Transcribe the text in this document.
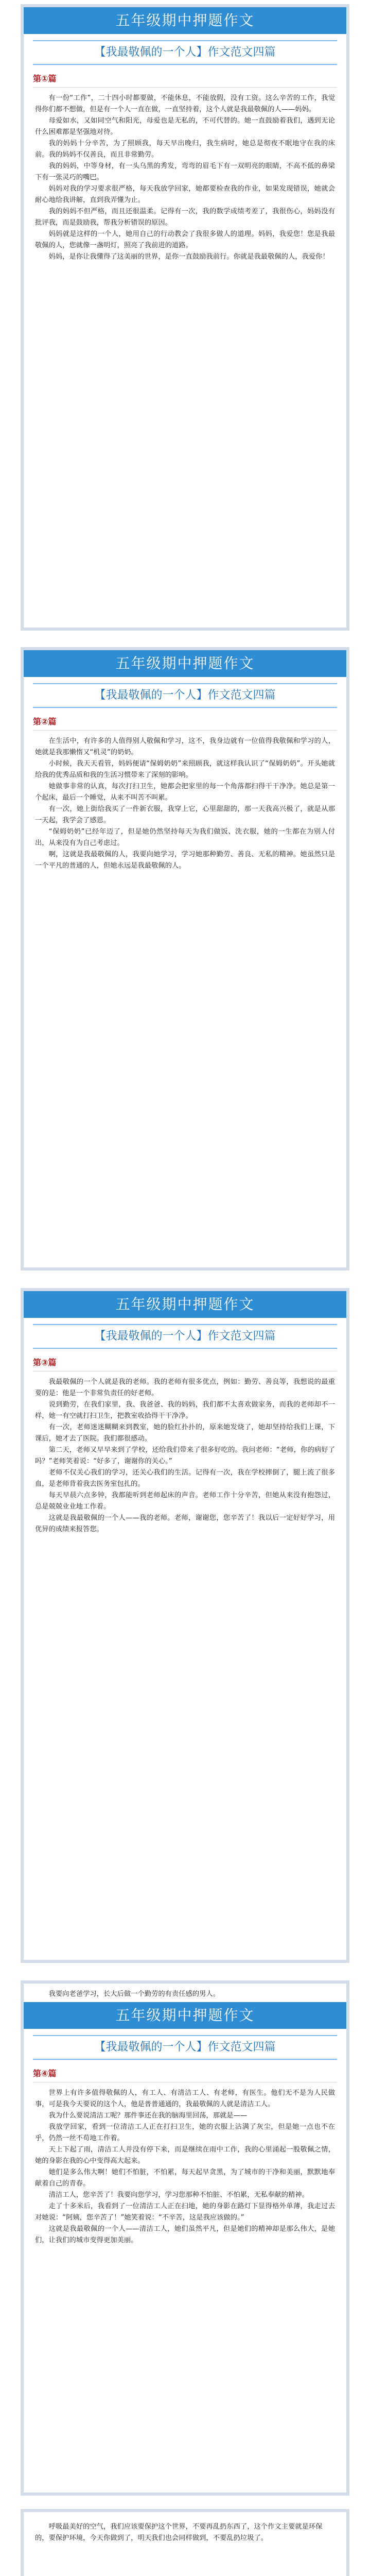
五年级期中押题作文
【我最敬佩的一个人】作文范文四篇
第①篇

有一份“工作”，二十四小时都要做，不能休息，不能放假，没有工资。这么辛苦的工作，我觉得你们都不想做，但是有一个人一直在做，一直坚持着，这个人就是我最敬佩的人——妈妈。

母爱如水，又如同空气和阳光，母爱也是无私的，不可代替的。她一直鼓励着我们，遇到无论什么困难都是坚强地对待。

我的妈妈十分辛苦，为了照顾我，每天早出晚归，我生病时，她总是彻夜不眠地守在我的床前。我的妈妈不仅善良，而且非常勤劳。

我的妈妈，中等身材，有一头乌黑的秀发，弯弯的眉毛下有一双明亮的眼睛，不高不低的鼻梁下有一张灵巧的嘴巴。

妈妈对我的学习要求很严格，每天我放学回家，她都要检查我的作业，如果发现错误，她就会耐心地给我讲解，直到我弄懂为止。

我的妈妈不但严格，而且还很温柔。记得有一次，我的数学成绩考差了，我很伤心，妈妈没有批评我，而是鼓励我，帮我分析错误的原因。

妈妈就是这样的一个人，她用自己的行动教会了我很多做人的道理。妈妈，我爱您！您是我最敬佩的人，您就像一盏明灯，照亮了我前进的道路。

妈妈，是你让我懂得了这美丽的世界，是你一直鼓励我前行。你就是我最敬佩的人，我爱你！

五年级期中押题作文
【我最敬佩的一个人】作文范文四篇
第②篇

在生活中，有许多的人值得别人敬佩和学习，这不，我身边就有一位值得我敬佩和学习的人，她就是我那懒惰又“机灵”的奶奶。

小时候，我天天看管，妈妈便请“保姆奶奶”来照顾我，就这样我认识了“保姆奶奶”。开头她就给我的优秀品质和我的生活习惯带来了深刻的影响。

她做事非常的认真，每次打扫卫生，她都会把家里的每一个角落都扫得干干净净。她总是第一个起床，最后一个睡觉，从来不叫苦不叫累。

有一次，她上街给我买了一件新衣服，我穿上它，心里甜甜的，那一天我高兴极了，就是从那一天起，我学会了感恩。

“保姆奶奶”已经年迈了，但是她仍然坚持每天为我们做饭、洗衣服，她的一生都在为别人付出，从来没有为自己考虑过。

啊，这就是我最敬佩的人，我要向她学习，学习她那种勤劳、善良、无私的精神。她虽然只是一个平凡的普通的人，但她永远是我最敬佩的人。

五年级期中押题作文
【我最敬佩的一个人】作文范文四篇
第③篇

我最敬佩的一个人就是我的老师。我的老师有很多优点，例如：勤劳、善良等，我想说的最重要的是：他是一个非常负责任的好老师。

说到勤劳，在我们家里，我、我爸爸、我的妈妈，我们都不太喜欢做家务，而我的老师却不一样，她一有空就打扫卫生，把教室收拾得干干净净。

有一次，老师迷迷糊糊来到教室，她的脸红扑扑的，原来她发烧了，她却坚持给我们上课，下课后，她才去了医院。我们都很感动。

第二天，老师又早早来到了学校，还给我们带来了很多好吃的。我问老师：“老师，你的病好了吗？”老师笑着说：“好多了，谢谢你的关心。”

老师不仅关心我们的学习，还关心我们的生活。记得有一次，我在学校摔倒了，腿上流了很多血，是老师背着我去医务室包扎的。

每天早晨六点多钟，我都能听到老师起床的声音。老师工作十分辛苦，但她从来没有抱怨过，总是兢兢业业地工作着。

这就是我最敬佩的一个人——我的老师。老师，谢谢您，您辛苦了！我以后一定好好学习，用优异的成绩来报答您。

我要向老爸学习，长大后做一个勤劳的有责任感的男人。
五年级期中押题作文
【我最敬佩的一个人】作文范文四篇
第④篇

世界上有许多值得敬佩的人，有工人、有清洁工人、有老师，有医生。他们无不是为人民做事，可是我今天要说的这个人，他是普普通通的，我最敬佩的人就是清洁工人。

我为什么要说清洁工呢？那件事还在我的脑海里回荡，那就是——

我放学回家，看到一位清洁工人正在打扫卫生，她的衣服上沾满了灰尘，但是她一点也不在乎，仍然一丝不苟地工作着。

天上下起了雨，清洁工人并没有停下来，而是继续在雨中工作，我的心里涌起一股敬佩之情，她的身影在我的心中变得高大起来。

她们是多么伟大啊！她们不怕脏，不怕累，每天起早贪黑，为了城市的干净和美丽，默默地奉献着自己的青春。

清洁工人，您辛苦了！我要向您学习，学习您那种不怕脏、不怕累，无私奉献的精神。

走了十多米后，我看到了一位清洁工人正在扫地，她的身影在路灯下显得格外单薄，我走过去对她说：“阿姨，您辛苦了！”她笑着说：“不辛苦，这是我应该做的。”

这就是我最敬佩的一个人——清洁工人，她们虽然平凡，但是她们的精神却是那么伟大，是她们，让我们的城市变得更加美丽。

呼吸最美好的空气，我们应该要保护这个世界，不要再乱扔东西了，这个作文主要就是环保的，要保护环境，今天你做到了，明天我们也会同样做到，不要乱扔垃圾了。
